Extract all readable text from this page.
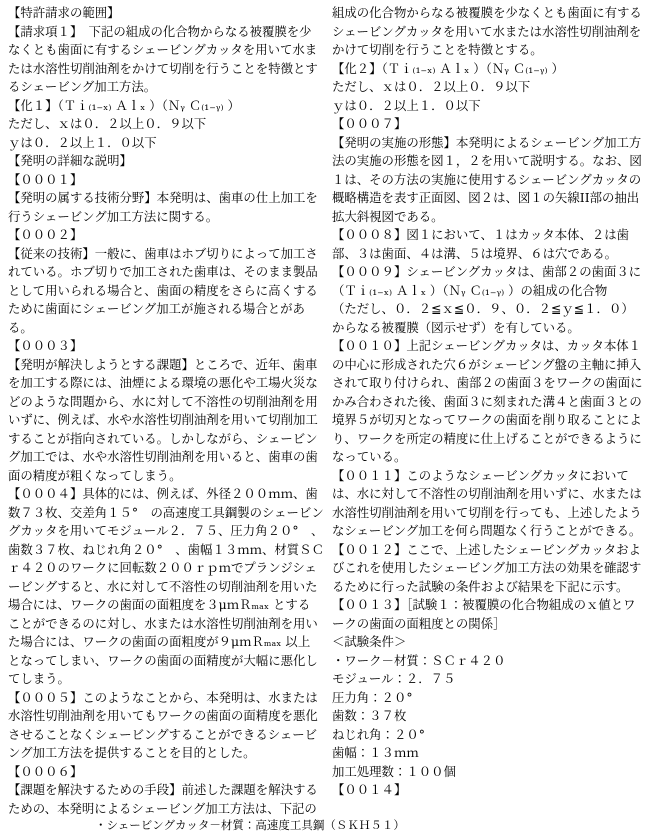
【特許請求の範囲】
【請求項１】　下記の組成の化合物からなる被覆膜を少
なくとも歯面に有するシェービングカッタを用いて水ま
たは水溶性切削油剤をかけて切削を行うことを特徴とす
るシェービング加工方法。
【化１】（Ｔｉ₍₁₋ₓ₎ Ａｌₓ ）（Ｎᵧ Ｃ₍₁₋ᵧ₎ ）
ただし、ｘは０．２以上０．９以下
ｙは０．２以上１．０以下
【発明の詳細な説明】
【０００１】
【発明の属する技術分野】本発明は、歯車の仕上加工を
行うシェービング加工方法に関する。
【０００２】
【従来の技術】一般に、歯車はホブ切りによって加工さ
れている。ホブ切りで加工された歯車は、そのまま製品
として用いられる場合と、歯面の精度をさらに高くする
ために歯面にシェービング加工が施される場合とがあ
る。
【０００３】
【発明が解決しようとする課題】ところで、近年、歯車
を加工する際には、油煙による環境の悪化や工場火災な
どのような問題から、水に対して不溶性の切削油剤を用
いずに、例えば、水や水溶性切削油剤を用いて切削加工
することが指向されている。しかしながら、シェービン
グ加工では、水や水溶性切削油剤を用いると、歯車の歯
面の精度が粗くなってしまう。
【０００４】具体的には、例えば、外径２００ｍｍ、歯
数７３枚、交差角１５°　の高速度工具鋼製のシェービン
グカッタを用いてモジュール２．７５、圧力角２０°　、
歯数３７枚、ねじれ角２０°　、歯幅１３ｍｍ、材質ＳＣ
ｒ４２０のワークに回転数２００ｒｐｍでプランジシェ
ービングすると、水に対して不溶性の切削油剤を用いた
場合には、ワークの歯面の面粗度を３μｍＲₘₐₓ とする
ことができるのに対し、水または水溶性切削油剤を用い
た場合には、ワークの歯面の面粗度が９μｍＲₘₐₓ 以上
となってしまい、ワークの歯面の面精度が大幅に悪化し
てしまう。
【０００５】このようなことから、本発明は、水または
水溶性切削油剤を用いてもワークの歯面の面精度を悪化
させることなくシェービングすることができるシェービ
ング加工方法を提供することを目的とした。
【０００６】
【課題を解決するための手段】前述した課題を解決する
ための、本発明によるシェービング加工方法は、下記の
組成の化合物からなる被覆膜を少なくとも歯面に有する
シェービングカッタを用いて水または水溶性切削油剤を
かけて切削を行うことを特徴とする。
【化２】（Ｔｉ₍₁₋ₓ₎ Ａｌₓ ）（Ｎᵧ Ｃ₍₁₋ᵧ₎ ）
ただし、ｘは０．２以上０．９以下
ｙは０．２以上１．０以下
【０００７】
【発明の実施の形態】本発明によるシェービング加工方
法の実施の形態を図１，２を用いて説明する。なお、図
１は、その方法の実施に使用するシェービングカッタの
概略構造を表す正面図、図２は、図１の矢線II部の抽出
拡大斜視図である。
【０００８】図１において、１はカッタ本体、２は歯
部、３は歯面、４は溝、５は境界、６は穴である。
【０００９】シェービングカッタは、歯部２の歯面３に
（Ｔｉ₍₁₋ₓ₎ Ａｌₓ ）（Ｎᵧ Ｃ₍₁₋ᵧ₎ ）の組成の化合物
（ただし、０．２≦ｘ≦０．９、０．２≦ｙ≦１．０）
からなる被覆膜（図示せず）を有している。
【００１０】上記シェービングカッタは、カッタ本体１
の中心に形成された穴６がシェービング盤の主軸に挿入
されて取り付けられ、歯部２の歯面３をワークの歯面に
かみ合わされた後、歯面３に刻まれた溝４と歯面３との
境界５が切刃となってワークの歯面を削り取ることによ
り、ワークを所定の精度に仕上げることができるように
なっている。
【００１１】このようなシェービングカッタにおいて
は、水に対して不溶性の切削油剤を用いずに、水または
水溶性切削油剤を用いて切削を行っても、上述したよう
なシェービング加工を何ら問題なく行うことができる。
【００１２】ここで、上述したシェービングカッタおよ
びこれを使用したシェービング加工方法の効果を確認す
るために行った試験の条件および結果を下記に示す。
【００１３】［試験１：被覆膜の化合物組成のｘ値とワ
ークの歯面の面粗度との関係］
＜試験条件＞
・ワーク－材質：ＳＣｒ４２０
モジュール：２．７５
圧力角：２０°
歯数：３７枚
ねじれ角：２０°
歯幅：１３ｍｍ
加工処理数：１００個
【００１４】
・シェービングカッタ－材質：高速度工具鋼（ＳＫＨ５１）
